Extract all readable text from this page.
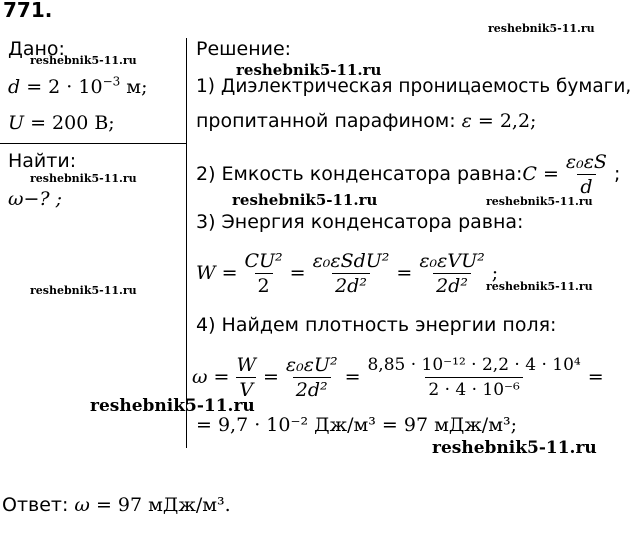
771.
Дано:
$d = 2 \cdot 10^{-3}$ м;
U = 200 В;
Найти:
ω−? ;
Решение:
1) Диэлектрическая проницаемость бумаги,
пропитанной парафином: ε = 2,2;
2) Емкость конденсатора равна: $C = \frac{\text{ε₀εS}}{d}$ ;
3) Энергия конденсатора равна:
$W = \frac{\text{CU²}}{2} = \frac{\text{ε₀εSdU²}}{\text{2d²}} = \frac{\text{ε₀εVU²}}{\text{2d²}}$ ;
4) Найдем плотность энергии поля:
$\omega = \frac{W}{V} = \frac{\text{ε₀εU²}}{\text{2d²}} = \frac{\text{8,85 · 10⁻¹² · 2,2 · 4 · 10⁴}}{\text{2 · 4 · 10⁻⁶}}$ =
= 9,7 · 10⁻² Дж/м³ = 97 мДж/м³;
Ответ: ω = 97 мДж/м³.
reshebnik5-11.ru
reshebnik5-11.ru
reshebnik5-11.ru
reshebnik5-11.ru
reshebnik5-11.ru	reshebnik5-11.ru
reshebnik5-11.ru	reshebnik5-11.ru
reshebnik5-11.ru
reshebnik5-11.ru
